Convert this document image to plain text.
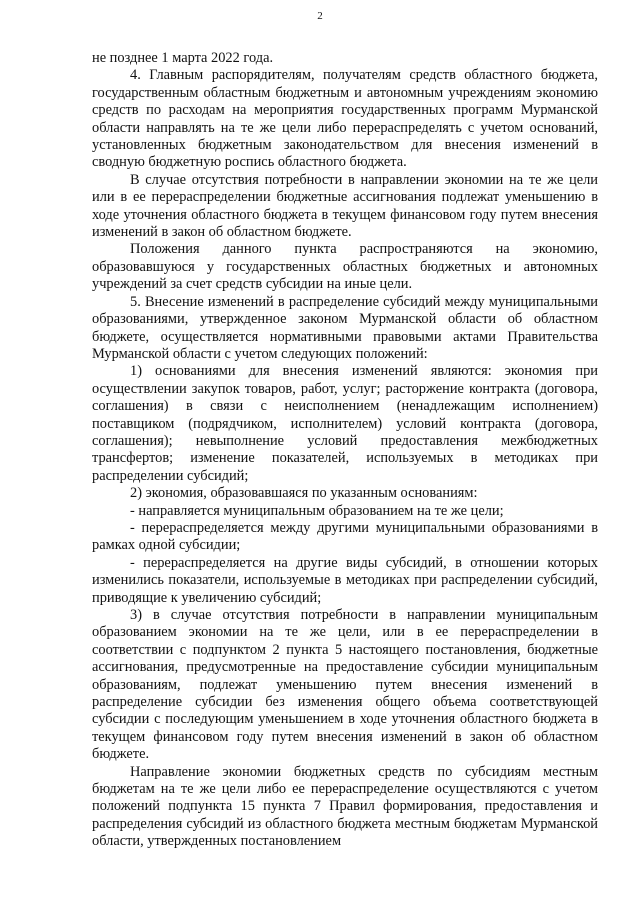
2

не позднее 1 марта 2022 года.

4. Главным распорядителям, получателям средств областного бюджета, государственным областным бюджетным и автономным учреждениям экономию средств по расходам на мероприятия государственных программ Мурманской области направлять на те же цели либо перераспределять с учетом оснований, установленных бюджетным законодательством для внесения изменений в сводную бюджетную роспись областного бюджета.

В случае отсутствия потребности в направлении экономии на те же цели или в ее перераспределении бюджетные ассигнования подлежат уменьшению в ходе уточнения областного бюджета в текущем финансовом году путем внесения изменений в закон об областном бюджете.

Положения данного пункта распространяются на экономию, образовавшуюся у государственных областных бюджетных и автономных учреждений за счет средств субсидии на иные цели.

5. Внесение изменений в распределение субсидий между муниципальными образованиями, утвержденное законом Мурманской области об областном бюджете, осуществляется нормативными правовыми актами Правительства Мурманской области с учетом следующих положений:

1) основаниями для внесения изменений являются: экономия при осуществлении закупок товаров, работ, услуг; расторжение контракта (договора, соглашения) в связи с неисполнением (ненадлежащим исполнением) поставщиком (подрядчиком, исполнителем) условий контракта (договора, соглашения); невыполнение условий предоставления межбюджетных трансфертов; изменение показателей, используемых в методиках при распределении субсидий;

2) экономия, образовавшаяся по указанным основаниям:

- направляется муниципальным образованием на те же цели;

- перераспределяется между другими муниципальными образованиями в рамках одной субсидии;

- перераспределяется на другие виды субсидий, в отношении которых изменились показатели, используемые в методиках при распределении субсидий, приводящие к увеличению субсидий;

3) в случае отсутствия потребности в направлении муниципальным образованием экономии на те же цели, или в ее перераспределении в соответствии с подпунктом 2 пункта 5 настоящего постановления, бюджетные ассигнования, предусмотренные на предоставление субсидии муниципальным образованиям, подлежат уменьшению путем внесения изменений в распределение субсидии без изменения общего объема соответствующей субсидии с последующим уменьшением в ходе уточнения областного бюджета в текущем финансовом году путем внесения изменений в закон об областном бюджете.

Направление экономии бюджетных средств по субсидиям местным бюджетам на те же цели либо ее перераспределение осуществляются с учетом положений подпункта 15 пункта 7 Правил формирования, предоставления и распределения субсидий из областного бюджета местным бюджетам Мурманской области, утвержденных постановлением
